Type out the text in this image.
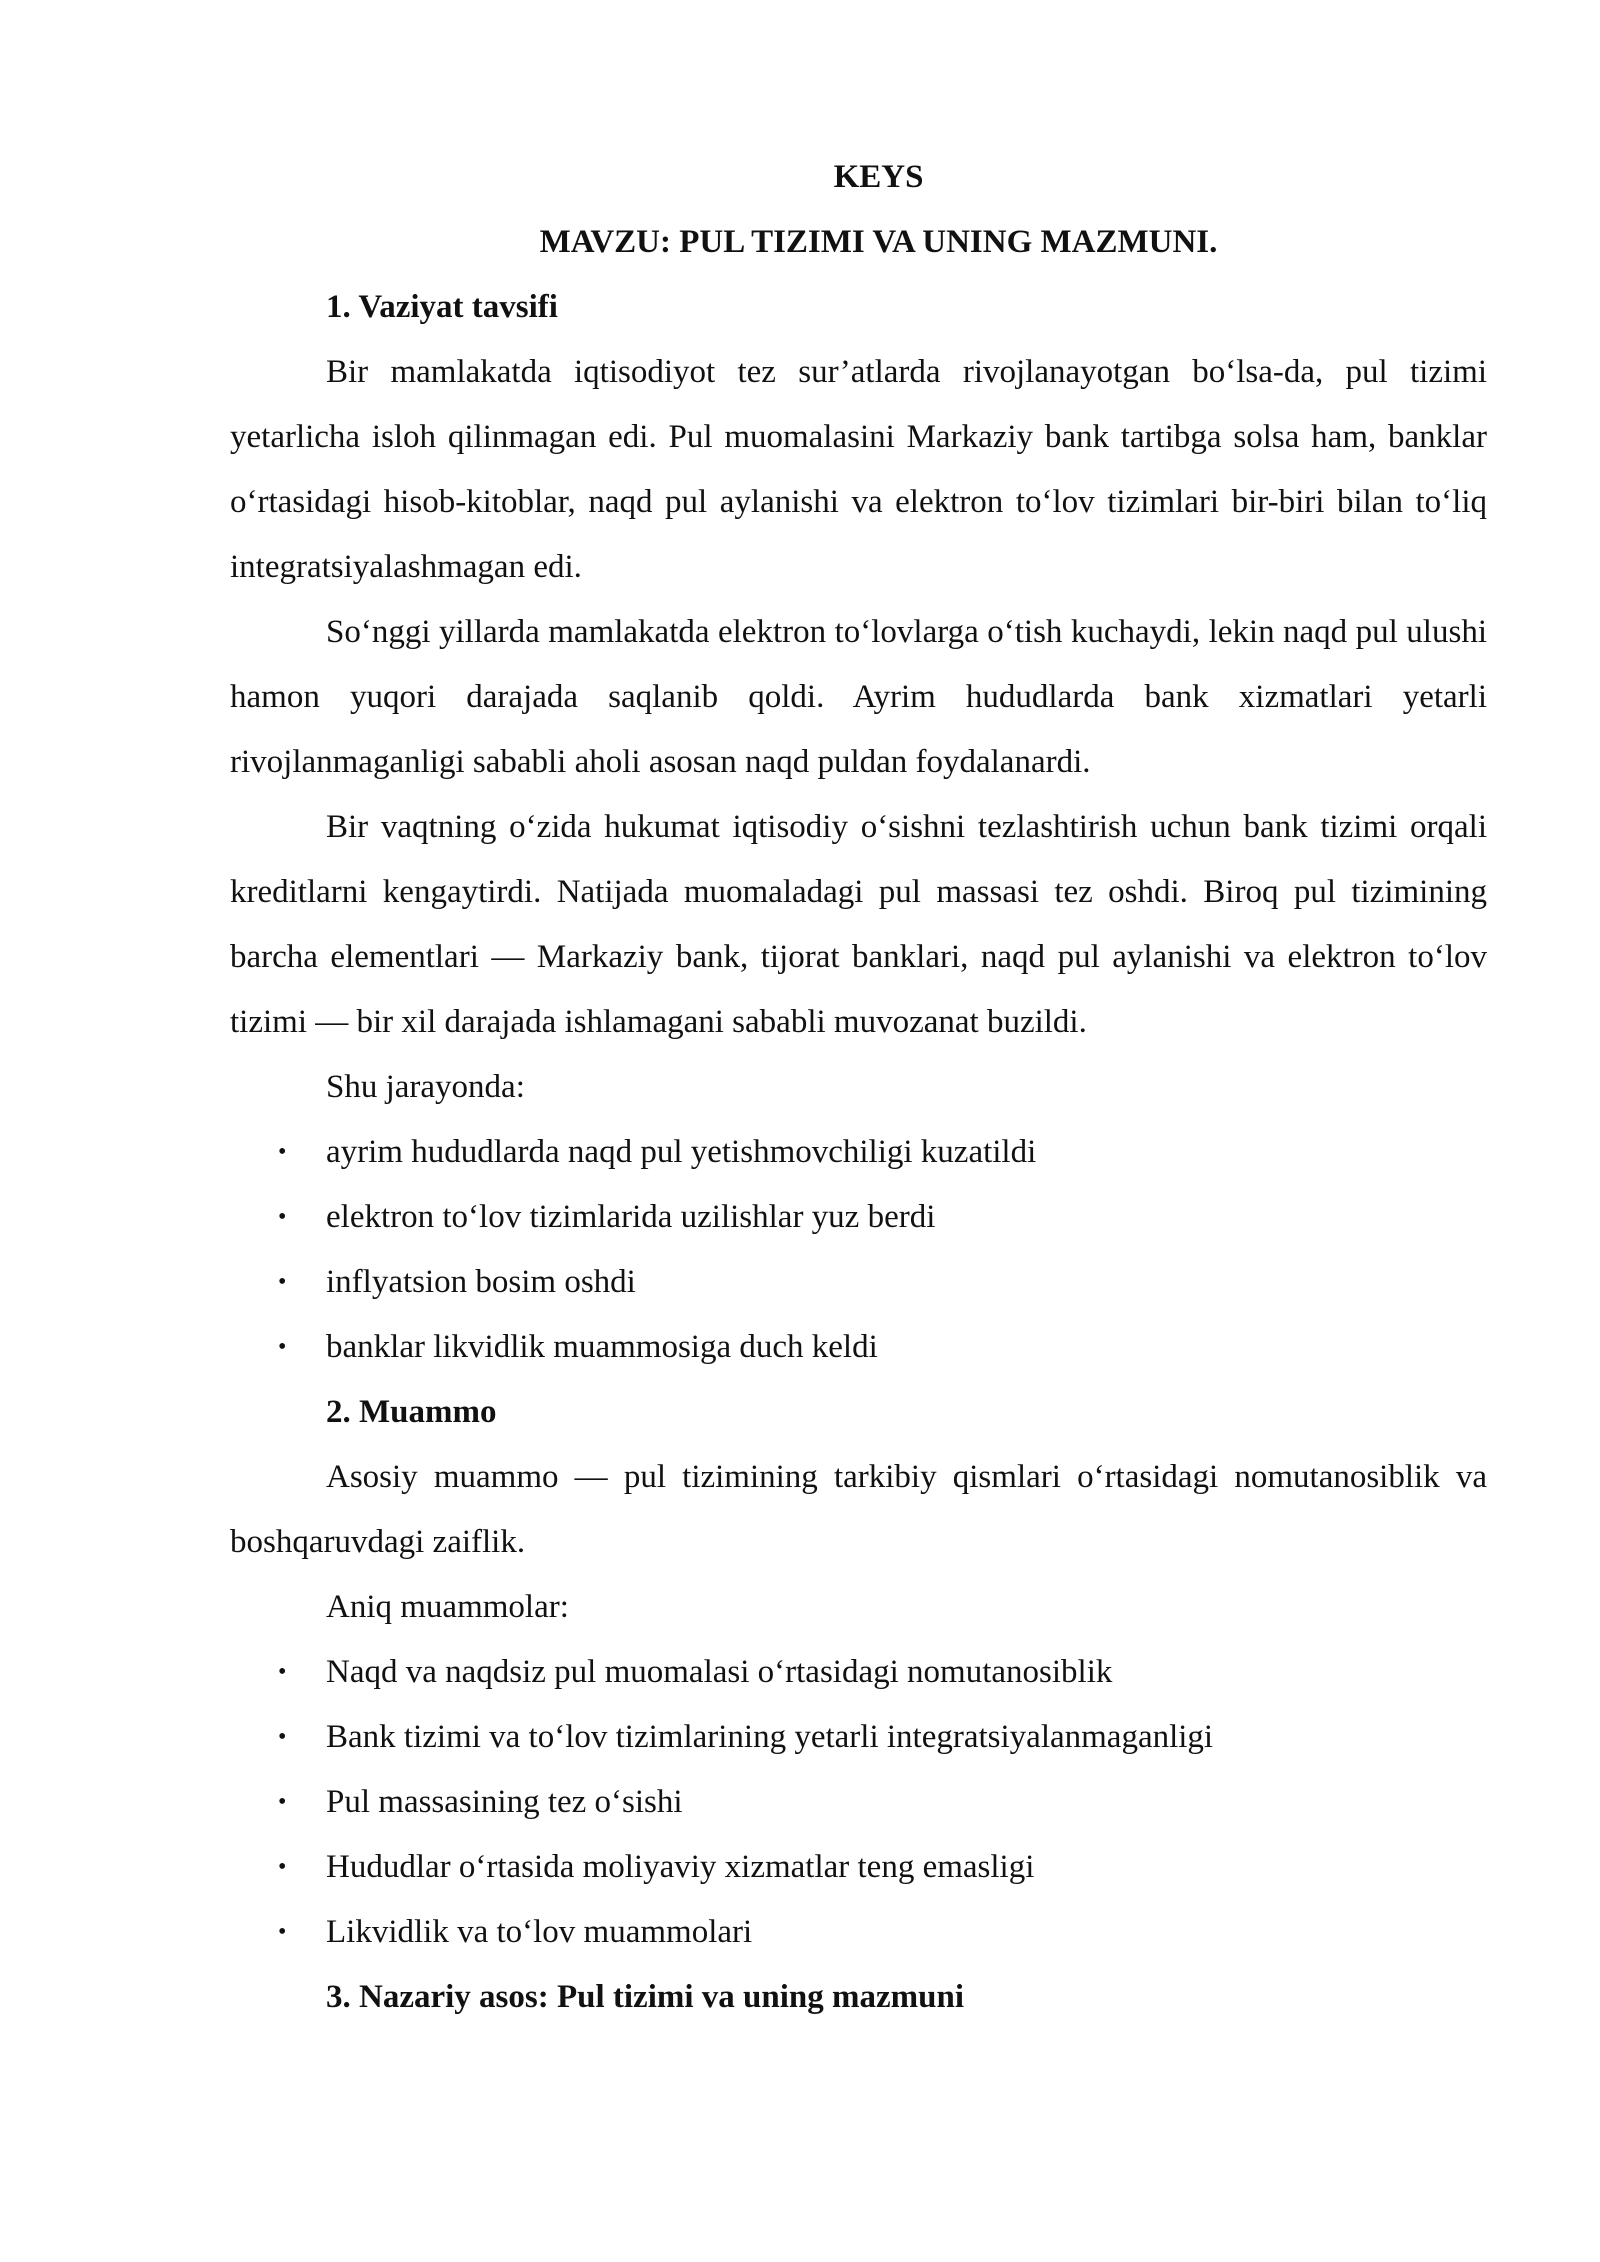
KEYS

MAVZU: PUL TIZIMI VA UNING MAZMUNI.

1. Vaziyat tavsifi

Bir mamlakatda iqtisodiyot tez sur’atlarda rivojlanayotgan bo‘lsa-da, pul tizimi yetarlicha isloh qilinmagan edi. Pul muomalasini Markaziy bank tartibga solsa ham, banklar o‘rtasidagi hisob-kitoblar, naqd pul aylanishi va elektron to‘lov tizimlari bir-biri bilan to‘liq integratsiyalashmagan edi.

So‘nggi yillarda mamlakatda elektron to‘lovlarga o‘tish kuchaydi, lekin naqd pul ulushi hamon yuqori darajada saqlanib qoldi. Ayrim hududlarda bank xizmatlari yetarli rivojlanmaganligi sababli aholi asosan naqd puldan foydalanardi.

Bir vaqtning o‘zida hukumat iqtisodiy o‘sishni tezlashtirish uchun bank tizimi orqali kreditlarni kengaytirdi. Natijada muomaladagi pul massasi tez oshdi. Biroq pul tizimining barcha elementlari — Markaziy bank, tijorat banklari, naqd pul aylanishi va elektron to‘lov tizimi — bir xil darajada ishlamagani sababli muvozanat buzildi.

Shu jarayonda:

• ayrim hududlarda naqd pul yetishmovchiligi kuzatildi
• elektron to‘lov tizimlarida uzilishlar yuz berdi
• inflyatsion bosim oshdi
• banklar likvidlik muammosiga duch keldi

2. Muammo

Asosiy muammo — pul tizimining tarkibiy qismlari o‘rtasidagi nomutanosiblik va boshqaruvdagi zaiflik.

Aniq muammolar:

• Naqd va naqdsiz pul muomalasi o‘rtasidagi nomutanosiblik
• Bank tizimi va to‘lov tizimlarining yetarli integratsiyalanmaganligi
• Pul massasining tez o‘sishi
• Hududlar o‘rtasida moliyaviy xizmatlar teng emasligi
• Likvidlik va to‘lov muammolari

3. Nazariy asos: Pul tizimi va uning mazmuni
